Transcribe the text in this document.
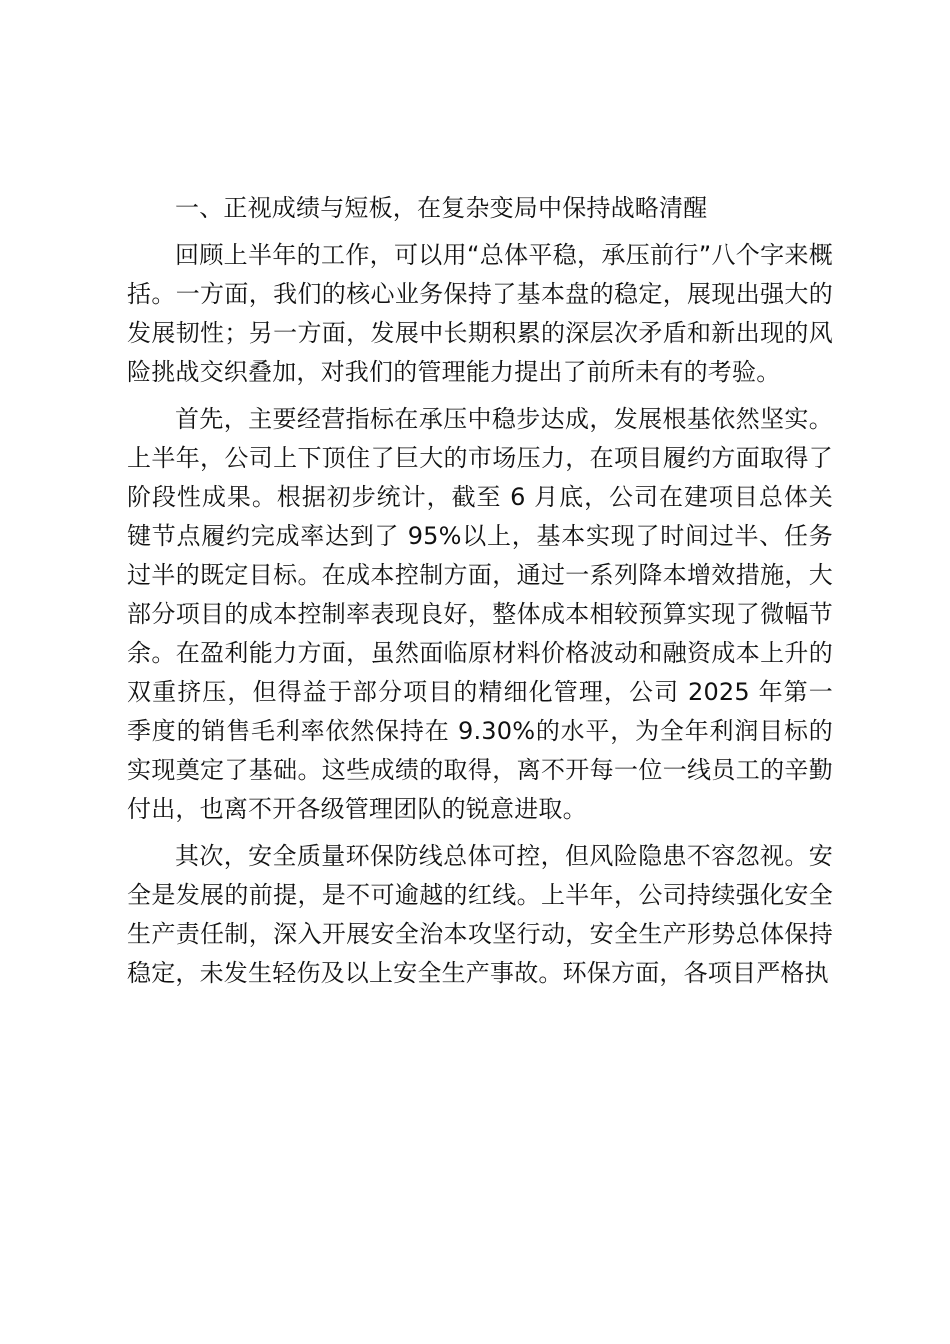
一、正视成绩与短板，在复杂变局中保持战略清醒

回顾上半年的工作，可以用“总体平稳，承压前行”八个字来概括。一方面，我们的核心业务保持了基本盘的稳定，展现出强大的发展韧性；另一方面，发展中长期积累的深层次矛盾和新出现的风险挑战交织叠加，对我们的管理能力提出了前所未有的考验。

首先，主要经营指标在承压中稳步达成，发展根基依然坚实。上半年，公司上下顶住了巨大的市场压力，在项目履约方面取得了阶段性成果。根据初步统计，截至 6 月底，公司在建项目总体关键节点履约完成率达到了 95%以上，基本实现了时间过半、任务过半的既定目标。在成本控制方面，通过一系列降本增效措施，大部分项目的成本控制率表现良好，整体成本相较预算实现了微幅节余。在盈利能力方面，虽然面临原材料价格波动和融资成本上升的双重挤压，但得益于部分项目的精细化管理，公司 2025 年第一季度的销售毛利率依然保持在 9.30%的水平，为全年利润目标的实现奠定了基础。这些成绩的取得，离不开每一位一线员工的辛勤付出，也离不开各级管理团队的锐意进取。

其次，安全质量环保防线总体可控，但风险隐患不容忽视。安全是发展的前提，是不可逾越的红线。上半年，公司持续强化安全生产责任制，深入开展安全治本攻坚行动，安全生产形势总体保持稳定，未发生轻伤及以上安全生产事故。环保方面，各项目严格执
